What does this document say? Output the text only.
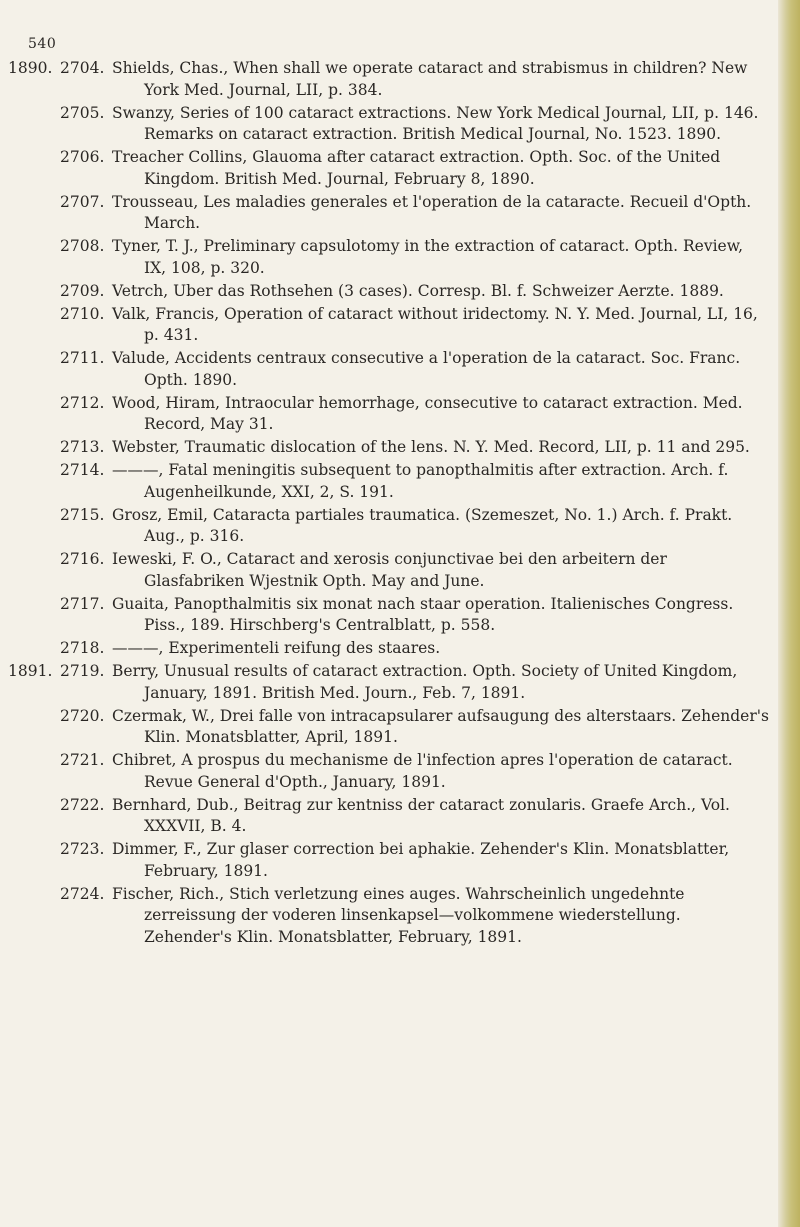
540
1890. 2704. Shields, Chas., When shall we operate cataract and strabismus in children? New York Med. Journal, LII, p. 384.
2705. Swanzy, Series of 100 cataract extractions. New York Medical Journal, LII, p. 146. Remarks on cataract extraction. British Medical Journal, No. 1523. 1890.
2706. Treacher Collins, Glauoma after cataract extraction. Opth. Soc. of the United Kingdom. British Med. Journal, February 8, 1890.
2707. Trousseau, Les maladies generales et l'operation de la cataracte. Recueil d'Opth. March.
2708. Tyner, T. J., Preliminary capsulotomy in the extraction of cataract. Opth. Review, IX, 108, p. 320.
2709. Vetrch, Uber das Rothsehen (3 cases). Corresp. Bl. f. Schweizer Aerzte. 1889.
2710. Valk, Francis, Operation of cataract without iridectomy. N. Y. Med. Journal, LI, 16, p. 431.
2711. Valude, Accidents centraux consecutive a l'operation de la cataract. Soc. Franc. Opth. 1890.
2712. Wood, Hiram, Intraocular hemorrhage, consecutive to cataract extraction. Med. Record, May 31.
2713. Webster, Traumatic dislocation of the lens. N. Y. Med. Record, LII, p. 11 and 295.
2714. ———, Fatal meningitis subsequent to panopthalmitis after extraction. Arch. f. Augenheilkunde, XXI, 2, S. 191.
2715. Grosz, Emil, Cataracta partiales traumatica. (Szemeszet, No. 1.) Arch. f. Prakt. Aug., p. 316.
2716. Ieweski, F. O., Cataract and xerosis conjunctivae bei den arbeitern der Glasfabriken Wjestnik Opth. May and June.
2717. Guaita, Panopthalmitis six monat nach staar operation. Italienisches Congress. Piss., 189. Hirschberg's Centralblatt, p. 558.
2718. ———, Experimenteli reifung des staares.
1891. 2719. Berry, Unusual results of cataract extraction. Opth. Society of United Kingdom, January, 1891. British Med. Journ., Feb. 7, 1891.
2720. Czermak, W., Drei falle von intracapsularer aufsaugung des alterstaars. Zehender's Klin. Monatsblatter, April, 1891.
2721. Chibret, A prospus du mechanisme de l'infection apres l'operation de cataract. Revue General d'Opth., January, 1891.
2722. Bernhard, Dub., Beitrag zur kentniss der cataract zonularis. Graefe Arch., Vol. XXXVII, B. 4.
2723. Dimmer, F., Zur glaser correction bei aphakie. Zehender's Klin. Monatsblatter, February, 1891.
2724. Fischer, Rich., Stich verletzung eines auges. Wahrscheinlich ungedehnte zerreissung der voderen linsenkapsel—volkommene wiederstellung. Zehender's Klin. Monatsblatter, February, 1891.
